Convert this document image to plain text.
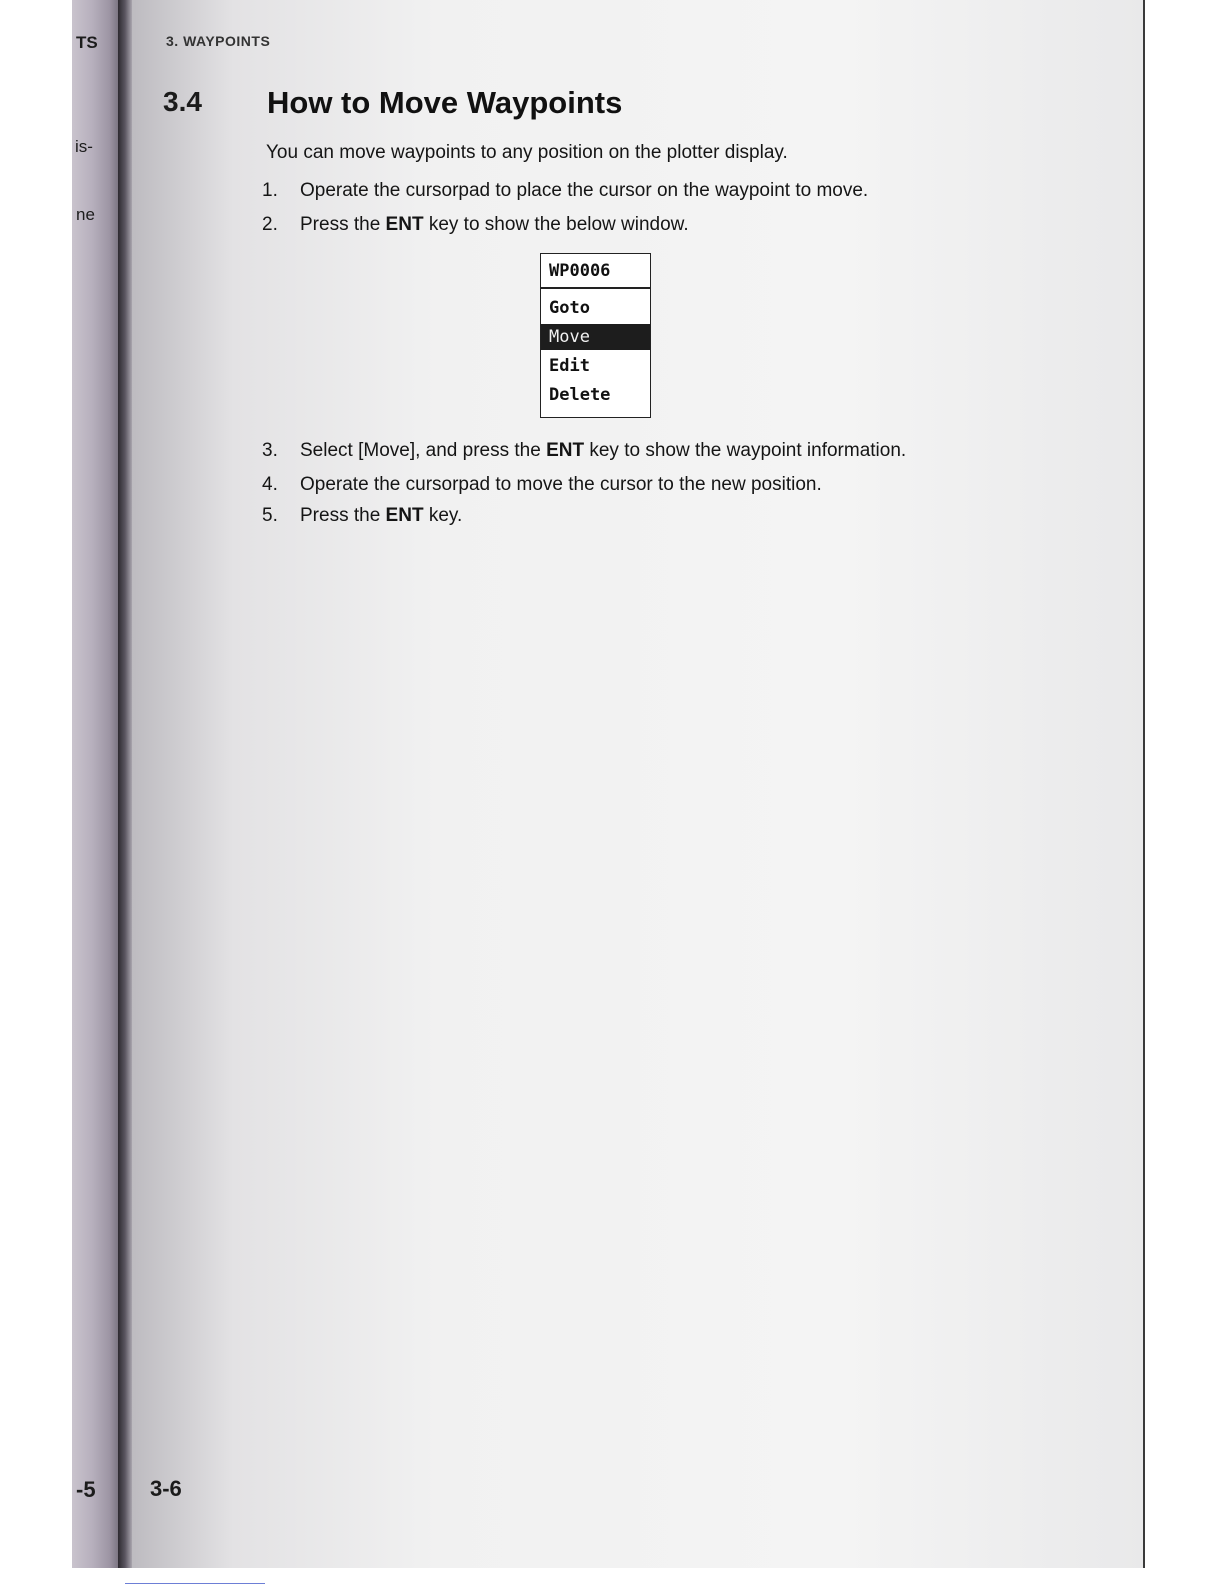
TS
is-
ne
-5
3. WAYPOINTS
3.4 How to Move Waypoints
You can move waypoints to any position on the plotter display.
1. Operate the cursorpad to place the cursor on the waypoint to move.
2. Press the ENT key to show the below window.
WP0006
Goto
Move
Edit
Delete
3. Select [Move], and press the ENT key to show the waypoint information.
4. Operate the cursorpad to move the cursor to the new position.
5. Press the ENT key.
3-6
